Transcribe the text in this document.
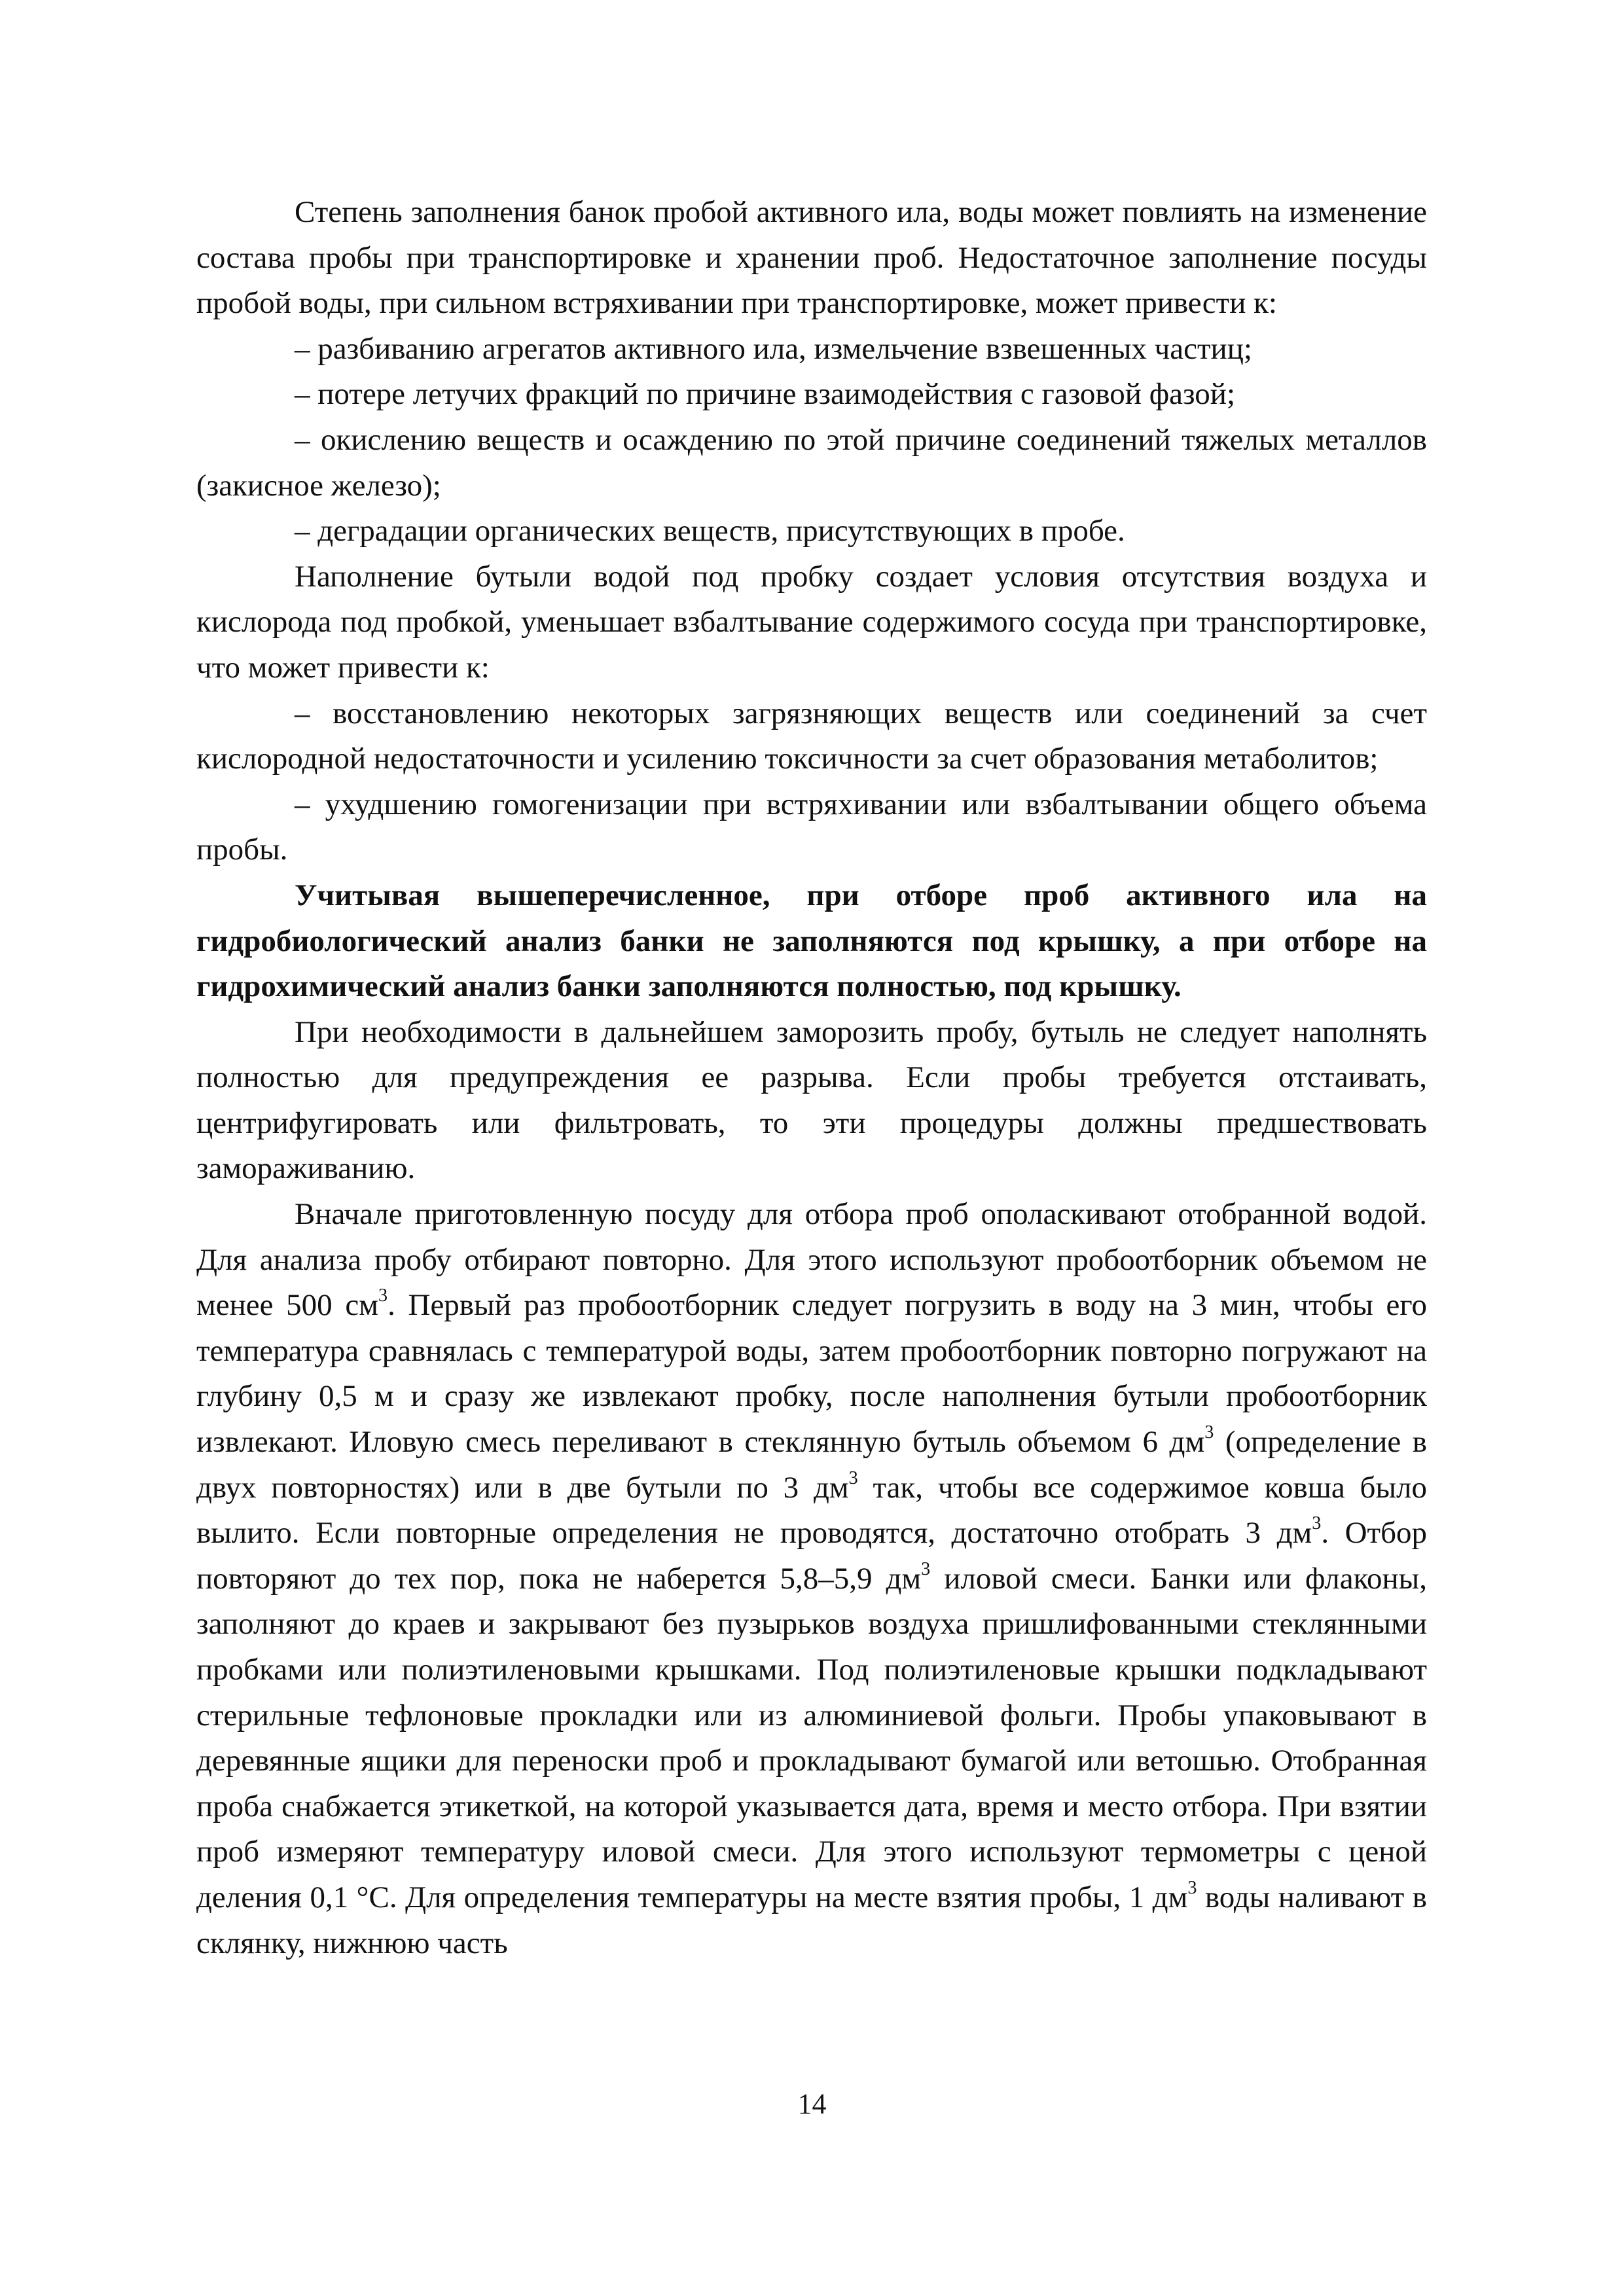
Степень заполнения банок пробой активного ила, воды может повлиять на изменение состава пробы при транспортировке и хранении проб. Недостаточное заполнение посуды пробой воды, при сильном встряхивании при транспортировке, может привести к:

– разбиванию агрегатов активного ила, измельчение взвешенных частиц;

– потере летучих фракций по причине взаимодействия с газовой фазой;

– окислению веществ и осаждению по этой причине соединений тяжелых металлов (закисное железо);

– деградации органических веществ, присутствующих в пробе.

Наполнение бутыли водой под пробку создает условия отсутствия воздуха и кислорода под пробкой, уменьшает взбалтывание содержимого сосуда при транспортировке, что может привести к:

– восстановлению некоторых загрязняющих веществ или соединений за счет кислородной недостаточности и усилению токсичности за счет образования метаболитов;

– ухудшению гомогенизации при встряхивании или взбалтывании общего объема пробы.

Учитывая вышеперечисленное, при отборе проб активного ила на гидробиологический анализ банки не заполняются под крышку, а при отборе на гидрохимический анализ банки заполняются полностью, под крышку.

При необходимости в дальнейшем заморозить пробу, бутыль не следует наполнять полностью для предупреждения ее разрыва. Если пробы требуется отстаивать, центрифугировать или фильтровать, то эти процедуры должны предшествовать замораживанию.

Вначале приготовленную посуду для отбора проб ополаскивают отобранной водой. Для анализа пробу отбирают повторно. Для этого используют пробоотборник объемом не менее 500 $см^3$. Первый раз пробоотборник следует погрузить в воду на 3 мин, чтобы его температура сравнялась с температурой воды, затем пробоотборник повторно погружают на глубину 0,5 м и сразу же извлекают пробку, после наполнения бутыли пробоотборник извлекают. Иловую смесь переливают в стеклянную бутыль объемом 6 $дм^3$ (определение в двух повторностях) или в две бутыли по 3 $дм^3$ так, чтобы все содержимое ковша было вылито. Если повторные определения не проводятся, достаточно отобрать 3 $дм^3$. Отбор повторяют до тех пор, пока не наберется 5,8–5,9 $дм^3$ иловой смеси. Банки или флаконы, заполняют до краев и закрывают без пузырьков воздуха пришлифованными стеклянными пробками или полиэтиленовыми крышками. Под полиэтиленовые крышки подкладывают стерильные тефлоновые прокладки или из алюминиевой фольги. Пробы упаковывают в деревянные ящики для переноски проб и прокладывают бумагой или ветошью. Отобранная проба снабжается этикеткой, на которой указывается дата, время и место отбора. При взятии проб измеряют температуру иловой смеси. Для этого используют термометры с ценой деления 0,1 °С. Для определения температуры на месте взятия пробы, 1 $дм^3$ воды наливают в склянку, нижнюю часть

14
